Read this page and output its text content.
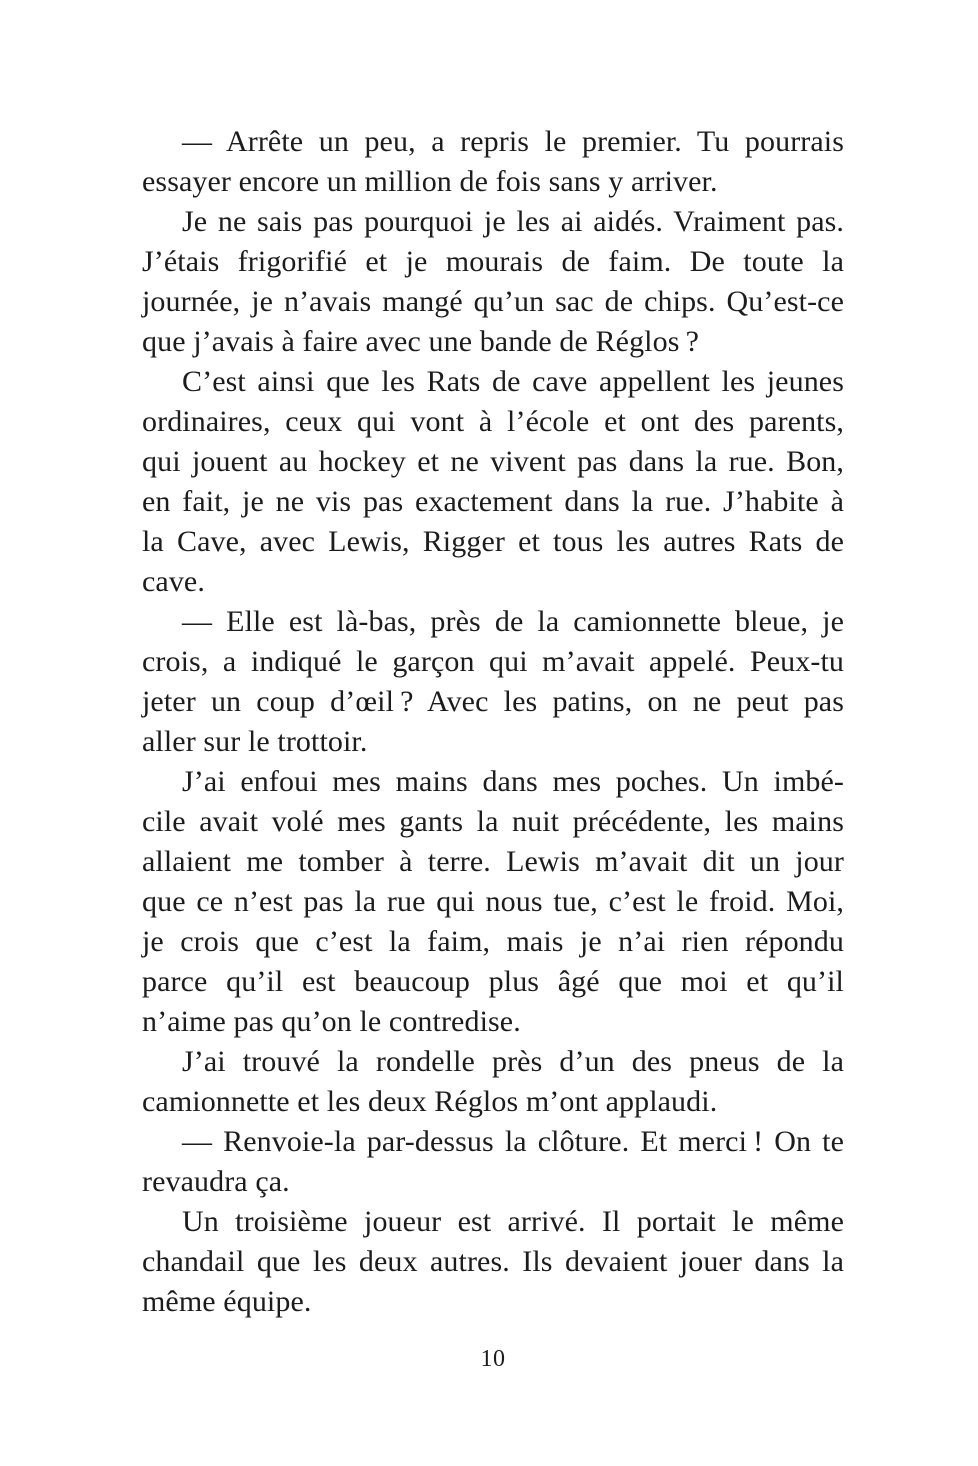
— Arrête un peu, a repris le premier. Tu pourrais
essayer encore un million de fois sans y arriver.
Je ne sais pas pourquoi je les ai aidés. Vraiment pas.
J’étais frigorifié et je mourais de faim. De toute la
journée, je n’avais mangé qu’un sac de chips. Qu’est-ce
que j’avais à faire avec une bande de Réglos ?
C’est ainsi que les Rats de cave appellent les jeunes
ordinaires, ceux qui vont à l’école et ont des parents,
qui jouent au hockey et ne vivent pas dans la rue. Bon,
en fait, je ne vis pas exactement dans la rue. J’habite à
la Cave, avec Lewis, Rigger et tous les autres Rats de
cave.
— Elle est là-bas, près de la camionnette bleue, je
crois, a indiqué le garçon qui m’avait appelé. Peux-tu
jeter un coup d’œil ? Avec les patins, on ne peut pas
aller sur le trottoir.
J’ai enfoui mes mains dans mes poches. Un imbé-
cile avait volé mes gants la nuit précédente, les mains
allaient me tomber à terre. Lewis m’avait dit un jour
que ce n’est pas la rue qui nous tue, c’est le froid. Moi,
je crois que c’est la faim, mais je n’ai rien répondu
parce qu’il est beaucoup plus âgé que moi et qu’il
n’aime pas qu’on le contredise.
J’ai trouvé la rondelle près d’un des pneus de la
camionnette et les deux Réglos m’ont applaudi.
— Renvoie-la par-dessus la clôture. Et merci ! On te
revaudra ça.
Un troisième joueur est arrivé. Il portait le même
chandail que les deux autres. Ils devaient jouer dans la
même équipe.
10
